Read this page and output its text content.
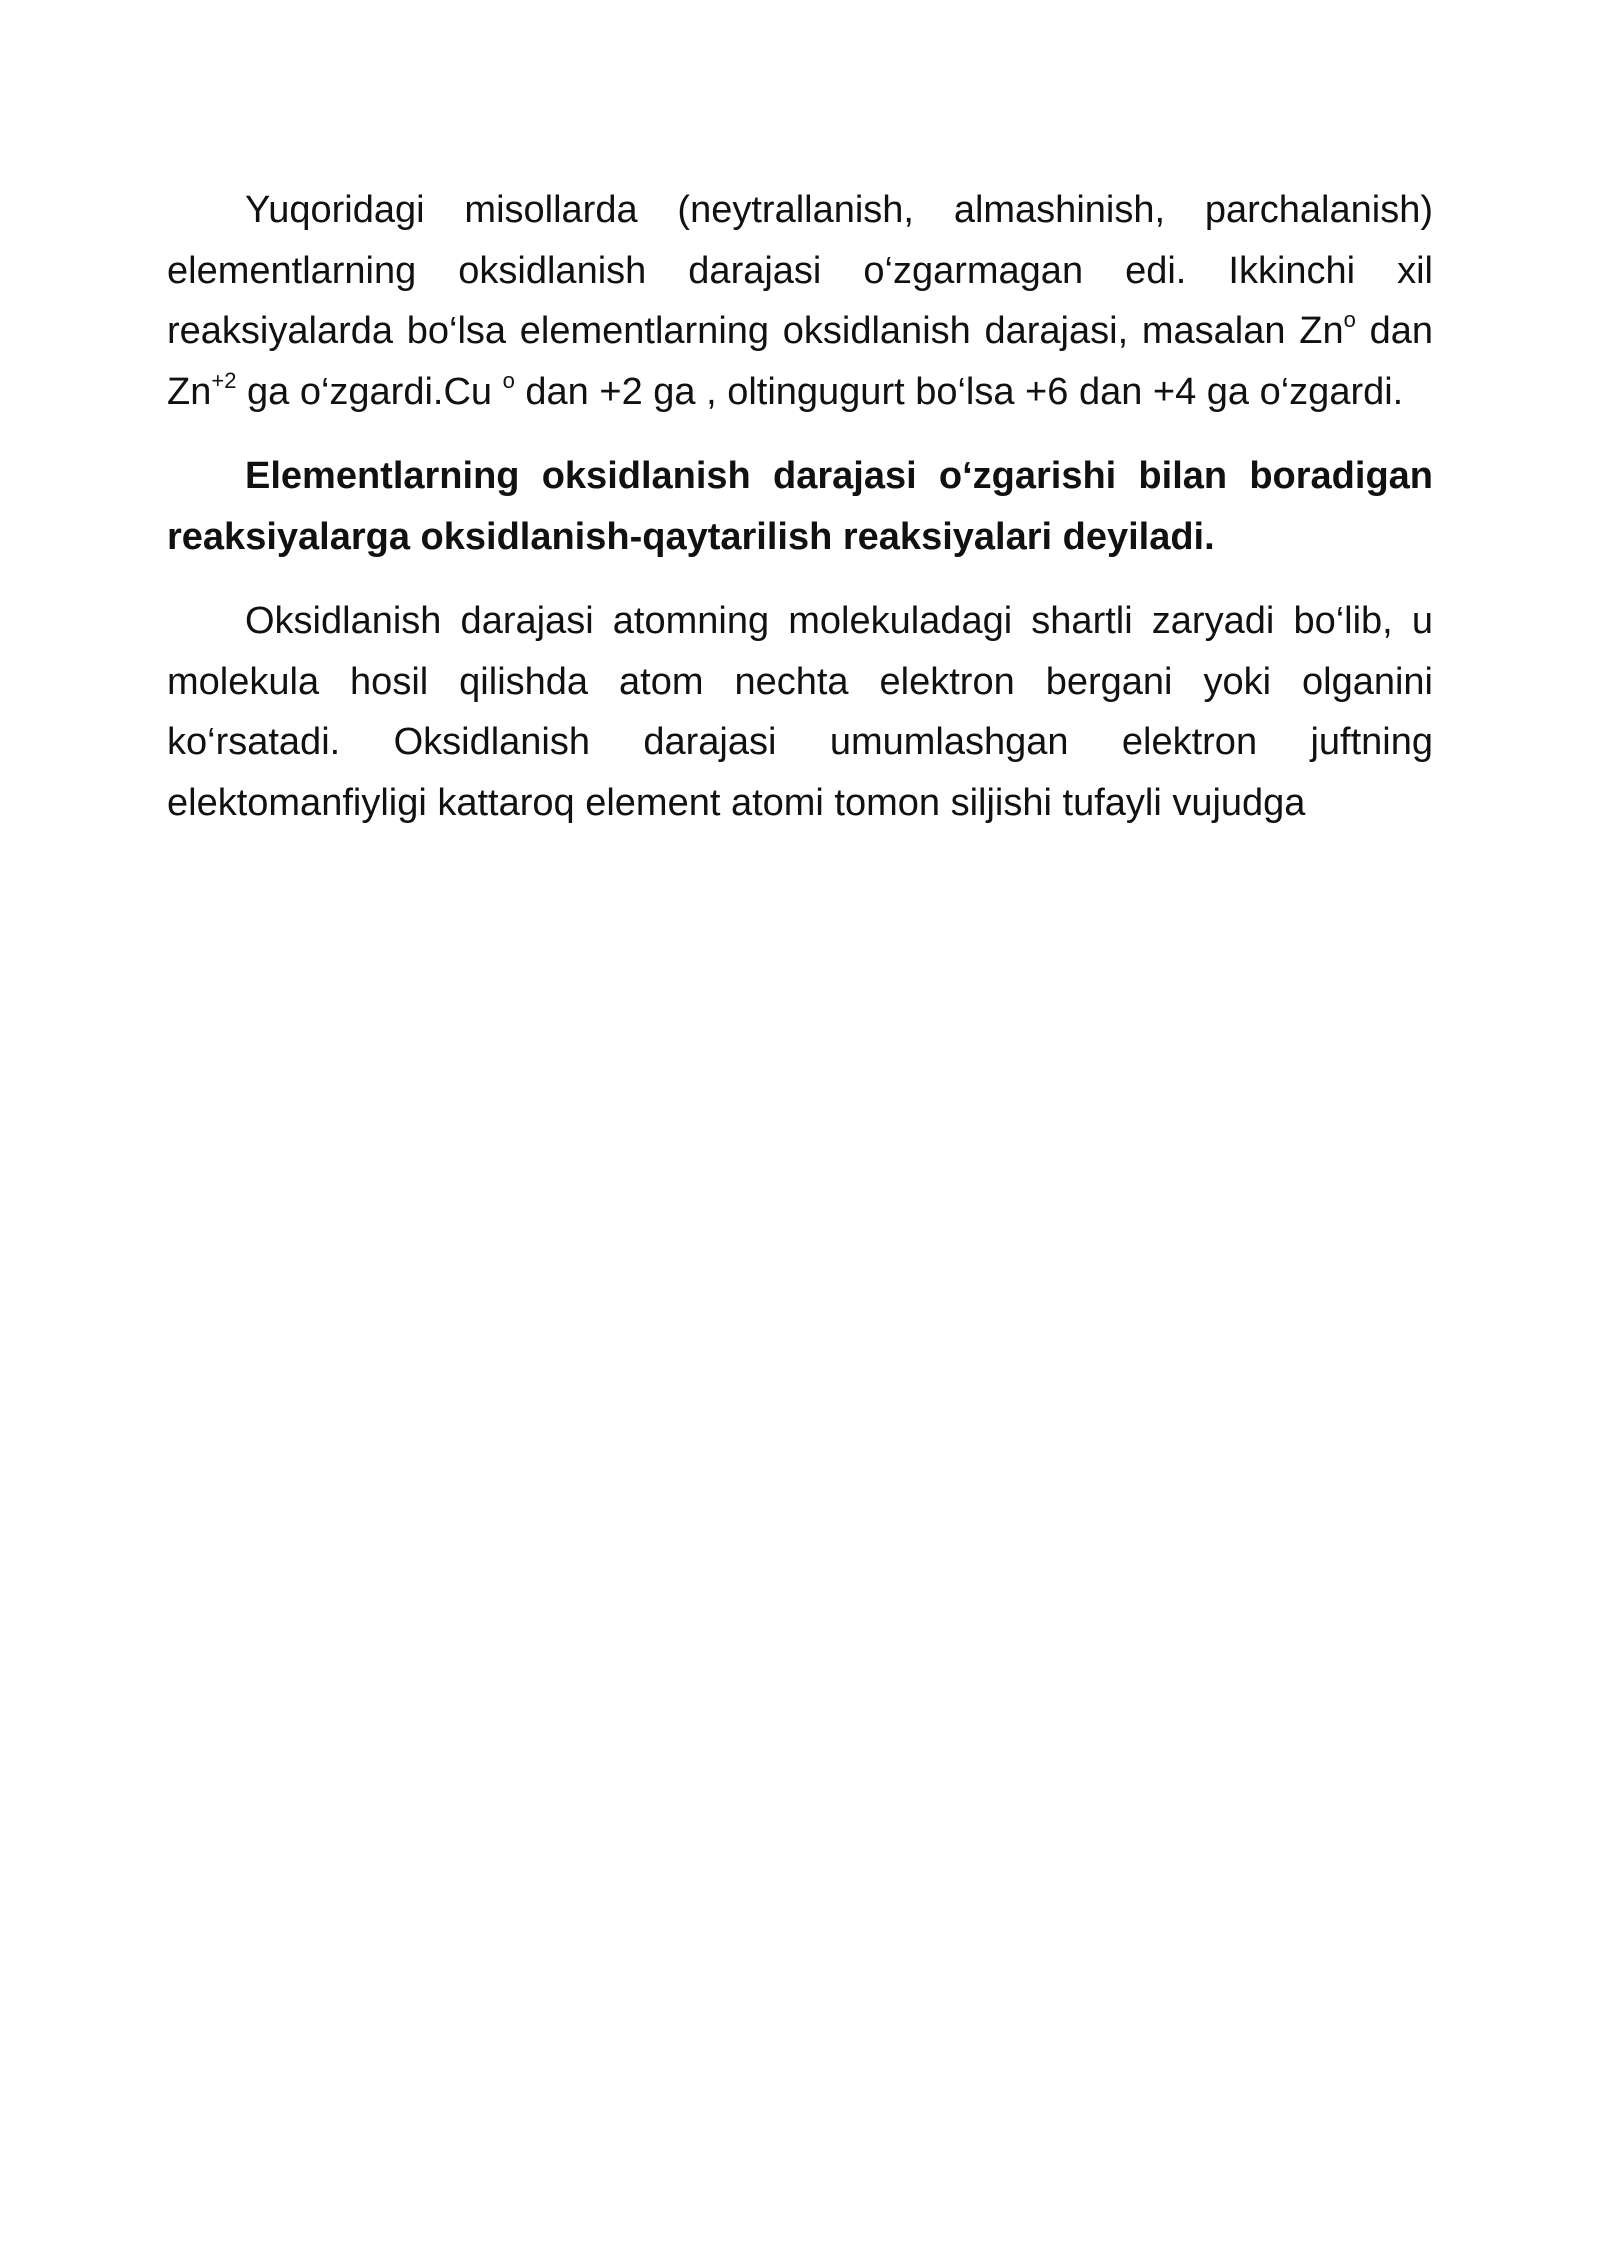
Yuqoridagi misollarda (neytrallanish, almashinish, parchalanish) elementlarning oksidlanish darajasi o‘zgarmagan edi. Ikkinchi xil reaksiyalarda bo‘lsa elementlarning oksidlanish darajasi, masalan Zn$^o$ dan $Zn^{+2}$ ga o‘zgardi.Cu $^o$ dan +2 ga , oltingugurt bo‘lsa +6 dan +4 ga o‘zgardi.

Elementlarning oksidlanish darajasi o‘zgarishi bilan boradigan reaksiyalarga oksidlanish-qaytarilish reaksiyalari deyiladi.

Oksidlanish darajasi atomning molekuladagi shartli zaryadi bo‘lib, u molekula hosil qilishda atom nechta elektron bergani yoki olganini ko‘rsatadi. Oksidlanish darajasi umumlashgan elektron juftning elektomanfiyligi kattaroq element atomi tomon siljishi tufayli vujudga
